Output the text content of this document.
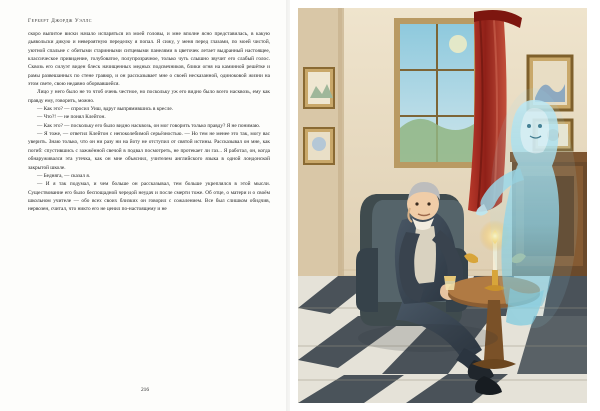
Герберт Джордж Уэллс

скоро выпитое виски начало испаряться из моей головы, и мне вполне ясно представилась, в какую дьявольски дикую и невероятную переделку я попал. Я сижу, у меня перед глазами, по моей чистой, уютной спальне с обитыми старинными ситцевыми панелями в цветочек летает выдранный настоящее, классическое привидение, голубоватое, полупрозрачное, только чуть слышно звучит его слабый голос. Сквозь его силуэт виден блеск начищенных медных подсвечников, блики огня на каминной решётке и рамы развешанных по стене гравюр, и он рассказывает мне о своей несказанной, одиноковой жизни на этом свете, свою недавно оборвавшейся.

Лицо у него было не то чтоб очень честное, но поскольку уж его видно было всего насквозь, ему как правду ему, говорить, можно.

— Как это? — спросил Уиш, вдруг выпрямившись в кресле.

— Что?! — не понял Клейтон.

— Как это? — поскольку его было видно насквозь, он мог говорить только правду? Я не понимаю.

— Я тоже, — ответил Клейтон с непоколебимой серьёзностью. — Но тем не менее это так, могу вас уверить. Знаю только, что он ни разу ни на йоту не отступил от святой истины. Рассказывал он мне, как погиб: спустившись с зажжённой свечой в подвал посмотреть, не протекает ли газ... Я работал, он, когда обнаруживался эта утечка, как он мне объяснил, учителем английского языка в одной лондонской закрытой школе.

— Бедняга, — сказал я.

— И я так подумал, и чем больше он рассказывал, тем больше укреплялся в этой мысли. Существование его было беспощадной чередой неудач и после смерти тоже. Об отце, о матери и о своём школьном учителе — обо всех своих близких он говорил с сожалением. Все был слишком обидчив, нервозен, считал, что никто его не ценил по-настоящему и не

216
